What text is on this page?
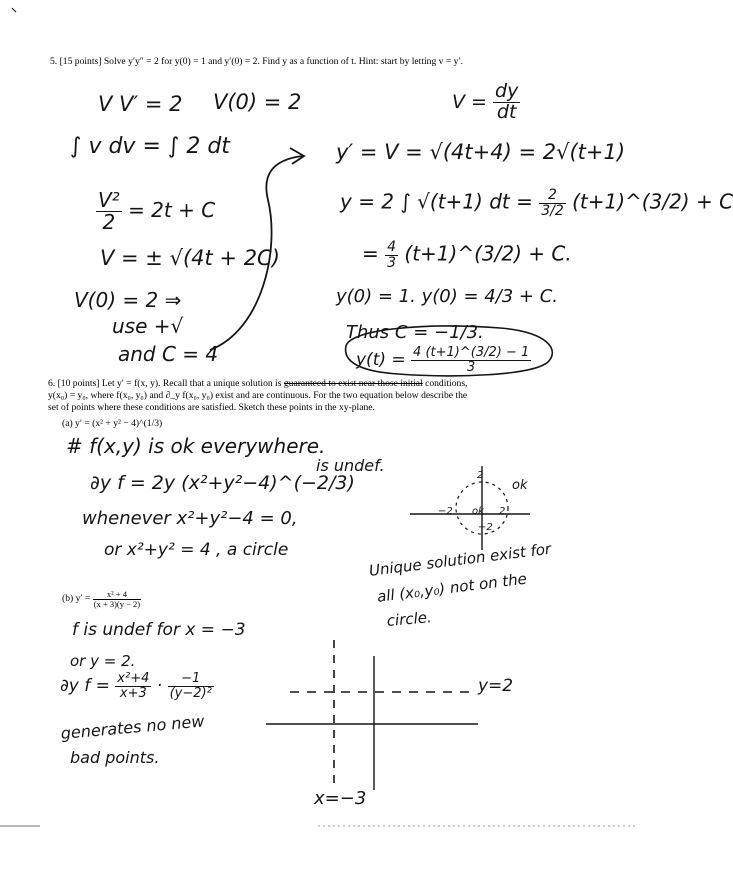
5. [15 points] Solve y′y″ = 2 for y(0) = 1 and y′(0) = 2. Find y as a function of t. Hint: start by letting v = y′.
V V′ = 2 V(0) = 2
∫ v dv = ∫ 2 dt
$\frac{\text{V²}}{2} = 2t + C$
V = ± √(4t + 2C)
V(0) = 2 ⇒
use +√
and C = 4
$V = \frac{dy}{dt}$
y′ = V = √(4t+4) = 2√(t+1)
y = 2 ∫ √(t+1) dt = $\frac{2}{3/2}$ (t+1)^(3/2) + C
= $\frac{4}{3}$ (t+1)^(3/2) + C.
y(0) = 1. y(0) = 4/3 + C.
Thus C = −1/3.
$y(t) = \frac{4 (t+1)\^{}(3/2) - 1}{3}$
6. [10 points] Let y′ = f(x, y). Recall that a unique solution is guaranteed to exist near those initial conditions,
y(x₀) = y₀, where f(x₀, y₀) and ∂_y f(x₀, y₀) exist and are continuous. For the two equation below describe the
set of points where these conditions are satisfied. Sketch these points in the xy-plane.
(a) y′ = (x² + y² − 4)^(1/3)
# f(x,y) is ok everywhere.
∂y f = 2y (x²+y²−4)^(−2/3)
is undef.
whenever x²+y²−4 = 0,
or x²+y² = 4 , a circle	Unique solution exist for
all (x₀,y₀) not on the
circle.
2
−2	2
−2
ok
ok
(b) $y' = \frac{\text{x² + 4}}{(x + 3)(y - 2)}$
f is undef for x = −3
or y = 2.
∂y $f = \frac{\text{x²+4}}{x+3} \cdot \frac{-1}{\text{(y−2)²}}$
generates no new
bad points.
y=2
x=−3
